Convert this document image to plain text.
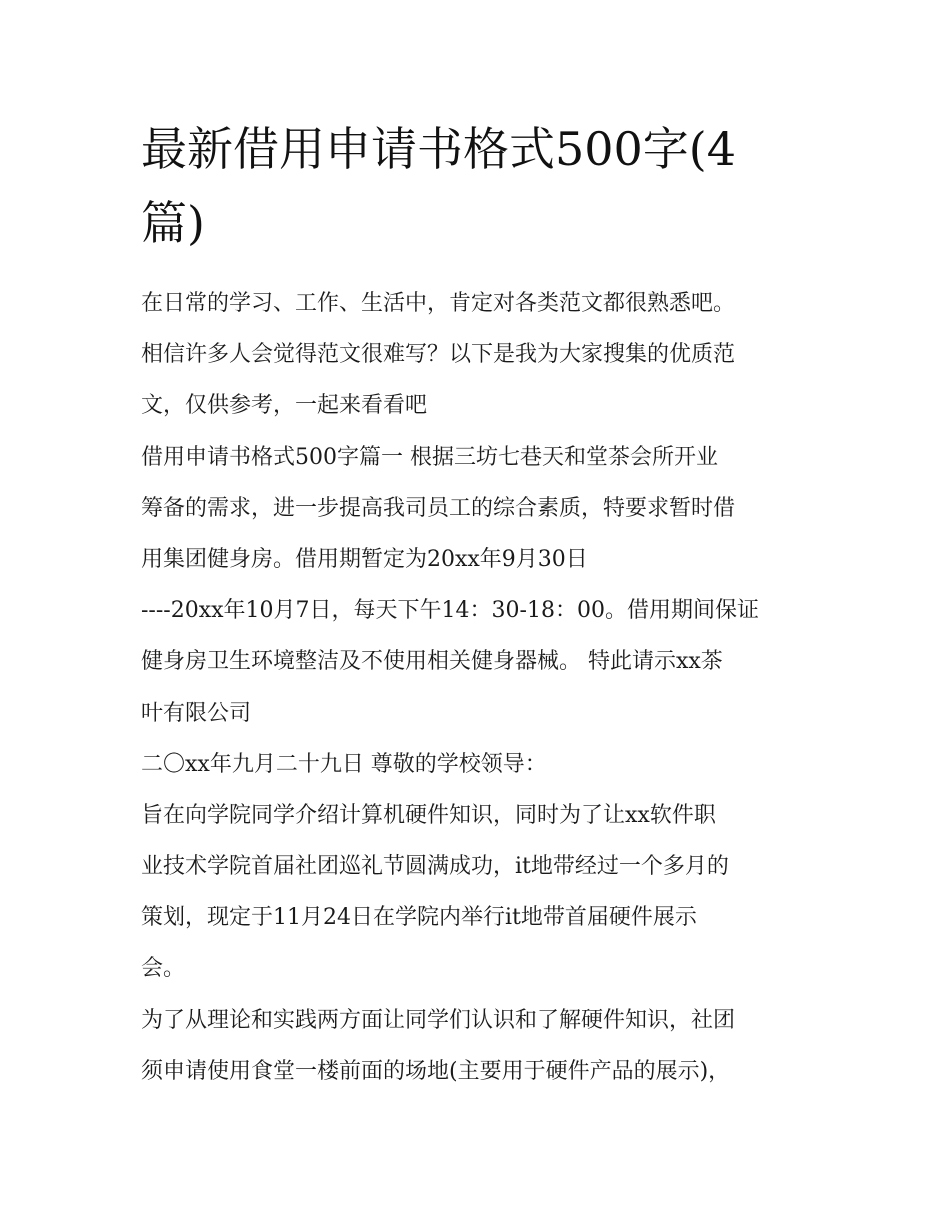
最新借用申请书格式500字(4
篇)
在日常的学习、工作、生活中，肯定对各类范文都很熟悉吧。
相信许多人会觉得范文很难写？以下是我为大家搜集的优质范
文，仅供参考，一起来看看吧
借用申请书格式500字篇一 根据三坊七巷天和堂茶会所开业
筹备的需求，进一步提高我司员工的综合素质，特要求暂时借
用集团健身房。借用期暂定为20xx年9月30日
----20xx年10月7日，每天下午14：30-18：00。借用期间保证
健身房卫生环境整洁及不使用相关健身器械。 特此请示xx茶
叶有限公司
二〇xx年九月二十九日 尊敬的学校领导：
旨在向学院同学介绍计算机硬件知识，同时为了让xx软件职
业技术学院首届社团巡礼节圆满成功，it地带经过一个多月的
策划，现定于11月24日在学院内举行it地带首届硬件展示
会。
为了从理论和实践两方面让同学们认识和了解硬件知识，社团
须申请使用食堂一楼前面的场地(主要用于硬件产品的展示)，
